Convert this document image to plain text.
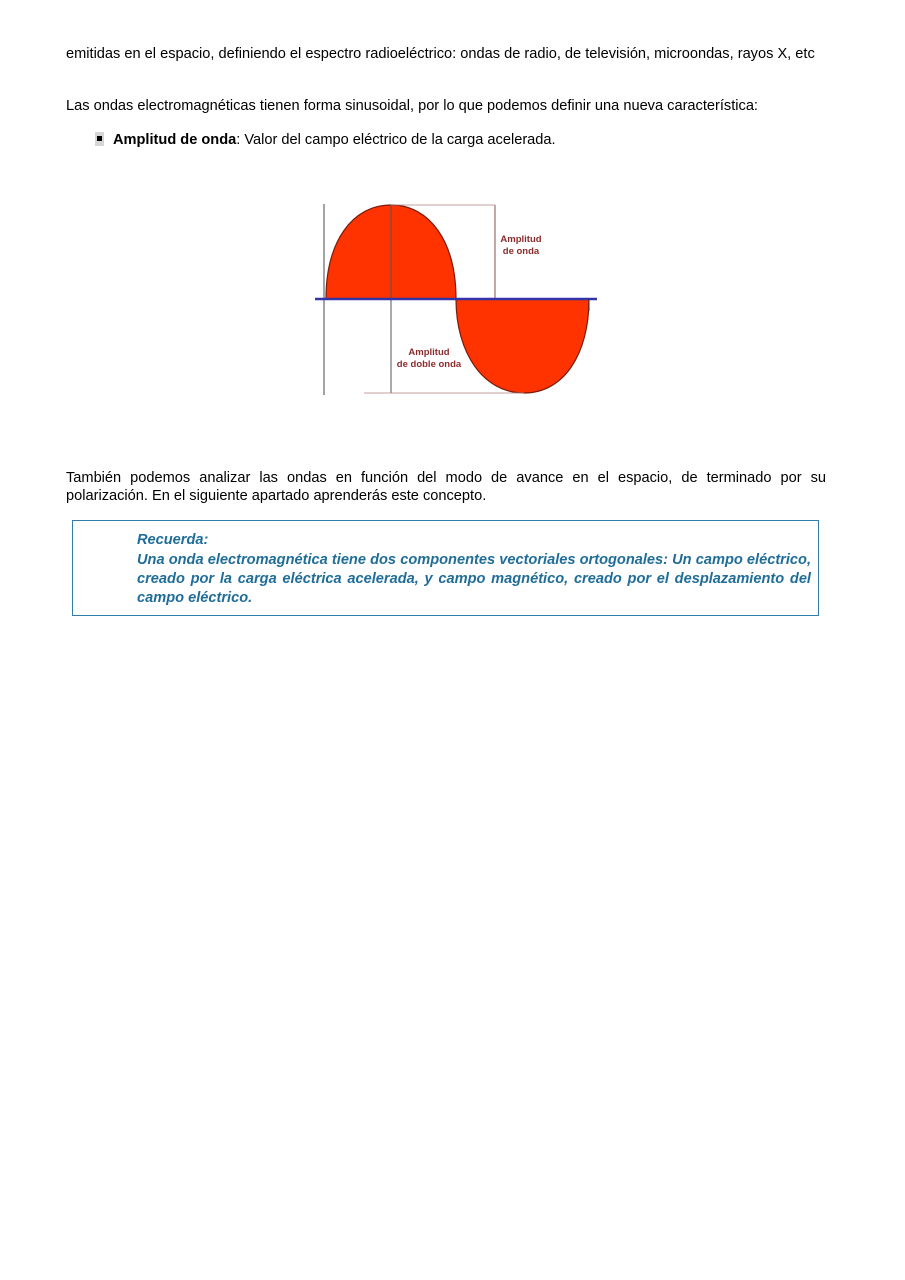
emitidas en el espacio, definiendo el espectro radioeléctrico: ondas de radio, de televisión, microondas, rayos X, etc

Las ondas electromagnéticas tienen forma sinusoidal, por lo que podemos definir una nueva característica:

Amplitud de onda: Valor del campo eléctrico de la carga acelerada.
Amplitud
de onda
Amplitud
de doble onda

También podemos analizar las ondas en función del modo de avance en el espacio, de terminado por su polarización. En el siguiente apartado aprenderás este concepto.

Recuerda:
Una onda electromagnética tiene dos componentes vectoriales ortogonales: Un campo eléctrico, creado por la carga eléctrica acelerada, y campo magnético, creado por el desplazamiento del campo eléctrico.
